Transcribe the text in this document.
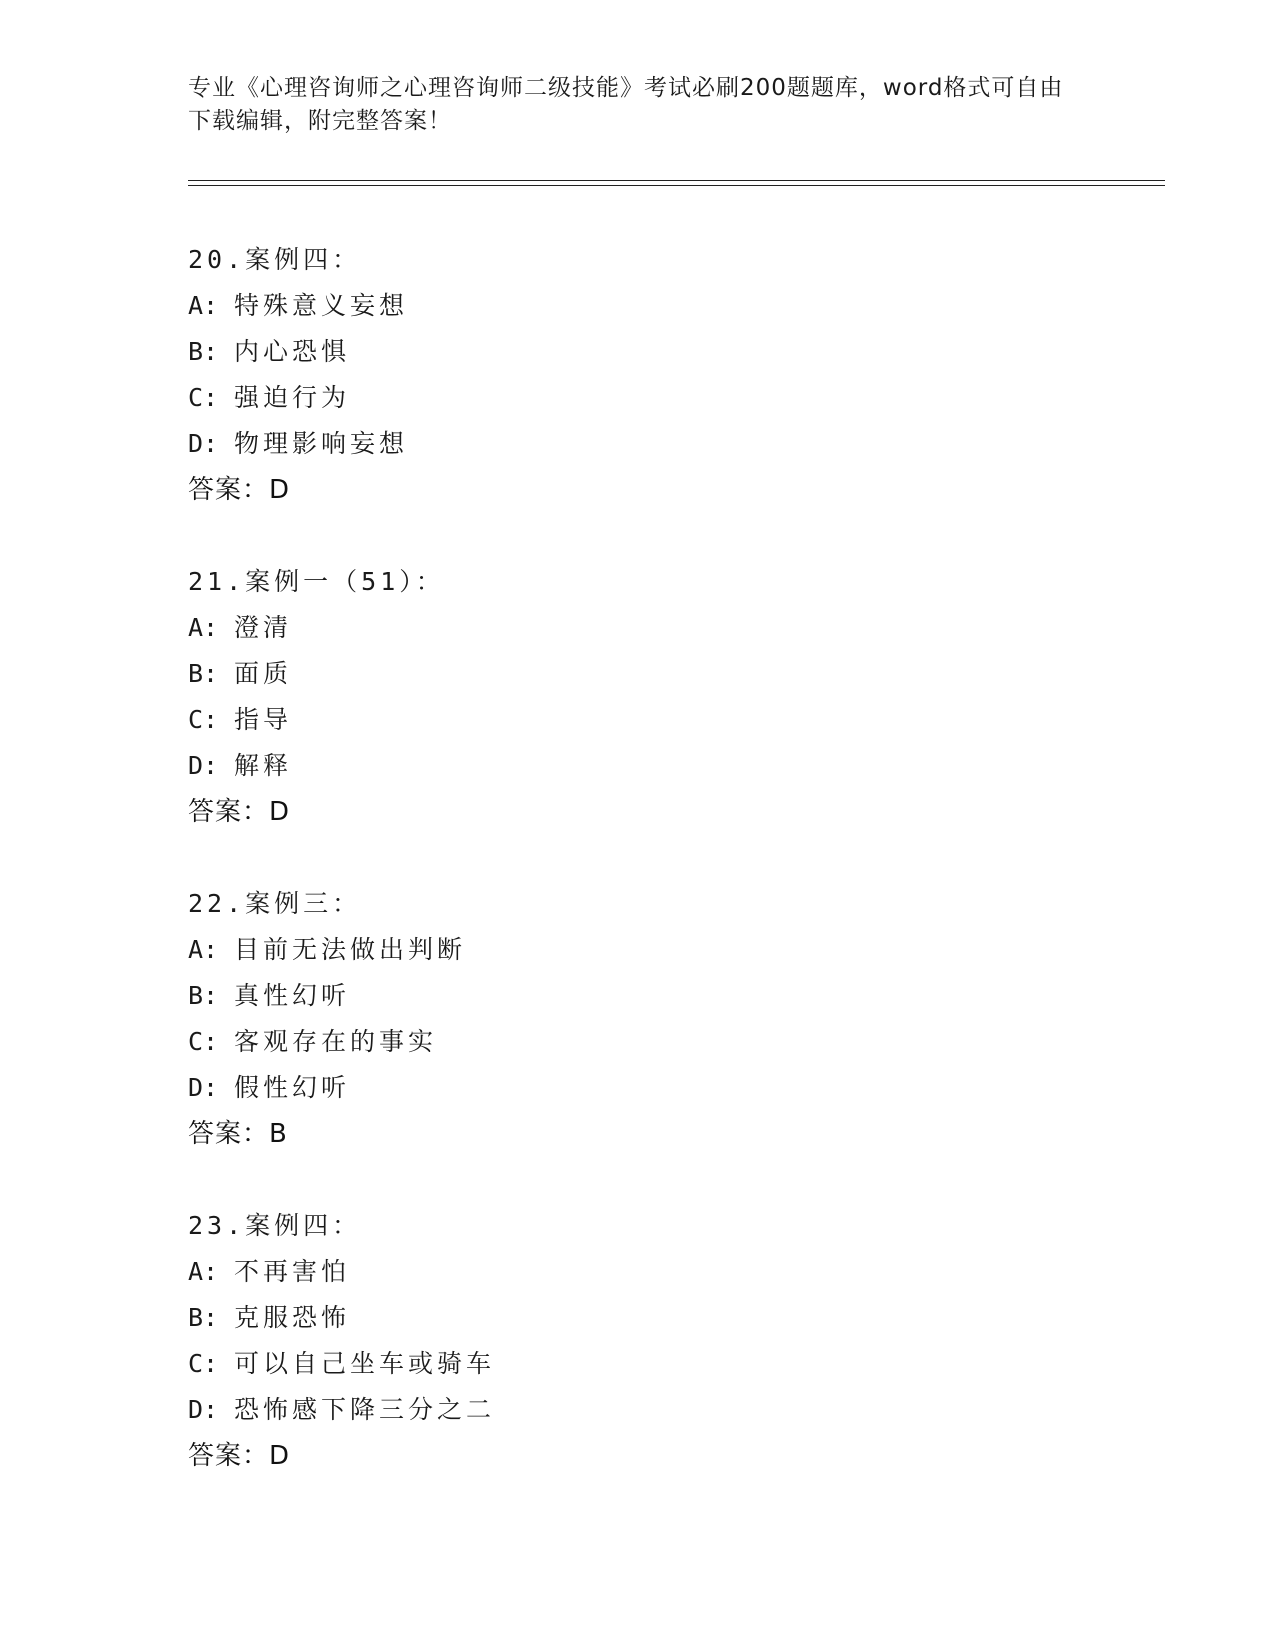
专业《心理咨询师之心理咨询师二级技能》考试必刷200题题库，word格式可自由下载编辑，附完整答案！
20.案例四：
A: 特殊意义妄想
B: 内心恐惧
C: 强迫行为
D: 物理影响妄想
答案：D
21.案例一（51）：
A: 澄清
B: 面质
C: 指导
D: 解释
答案：D
22.案例三：
A: 目前无法做出判断
B: 真性幻听
C: 客观存在的事实
D: 假性幻听
答案：B
23.案例四：
A: 不再害怕
B: 克服恐怖
C: 可以自己坐车或骑车
D: 恐怖感下降三分之二
答案：D
